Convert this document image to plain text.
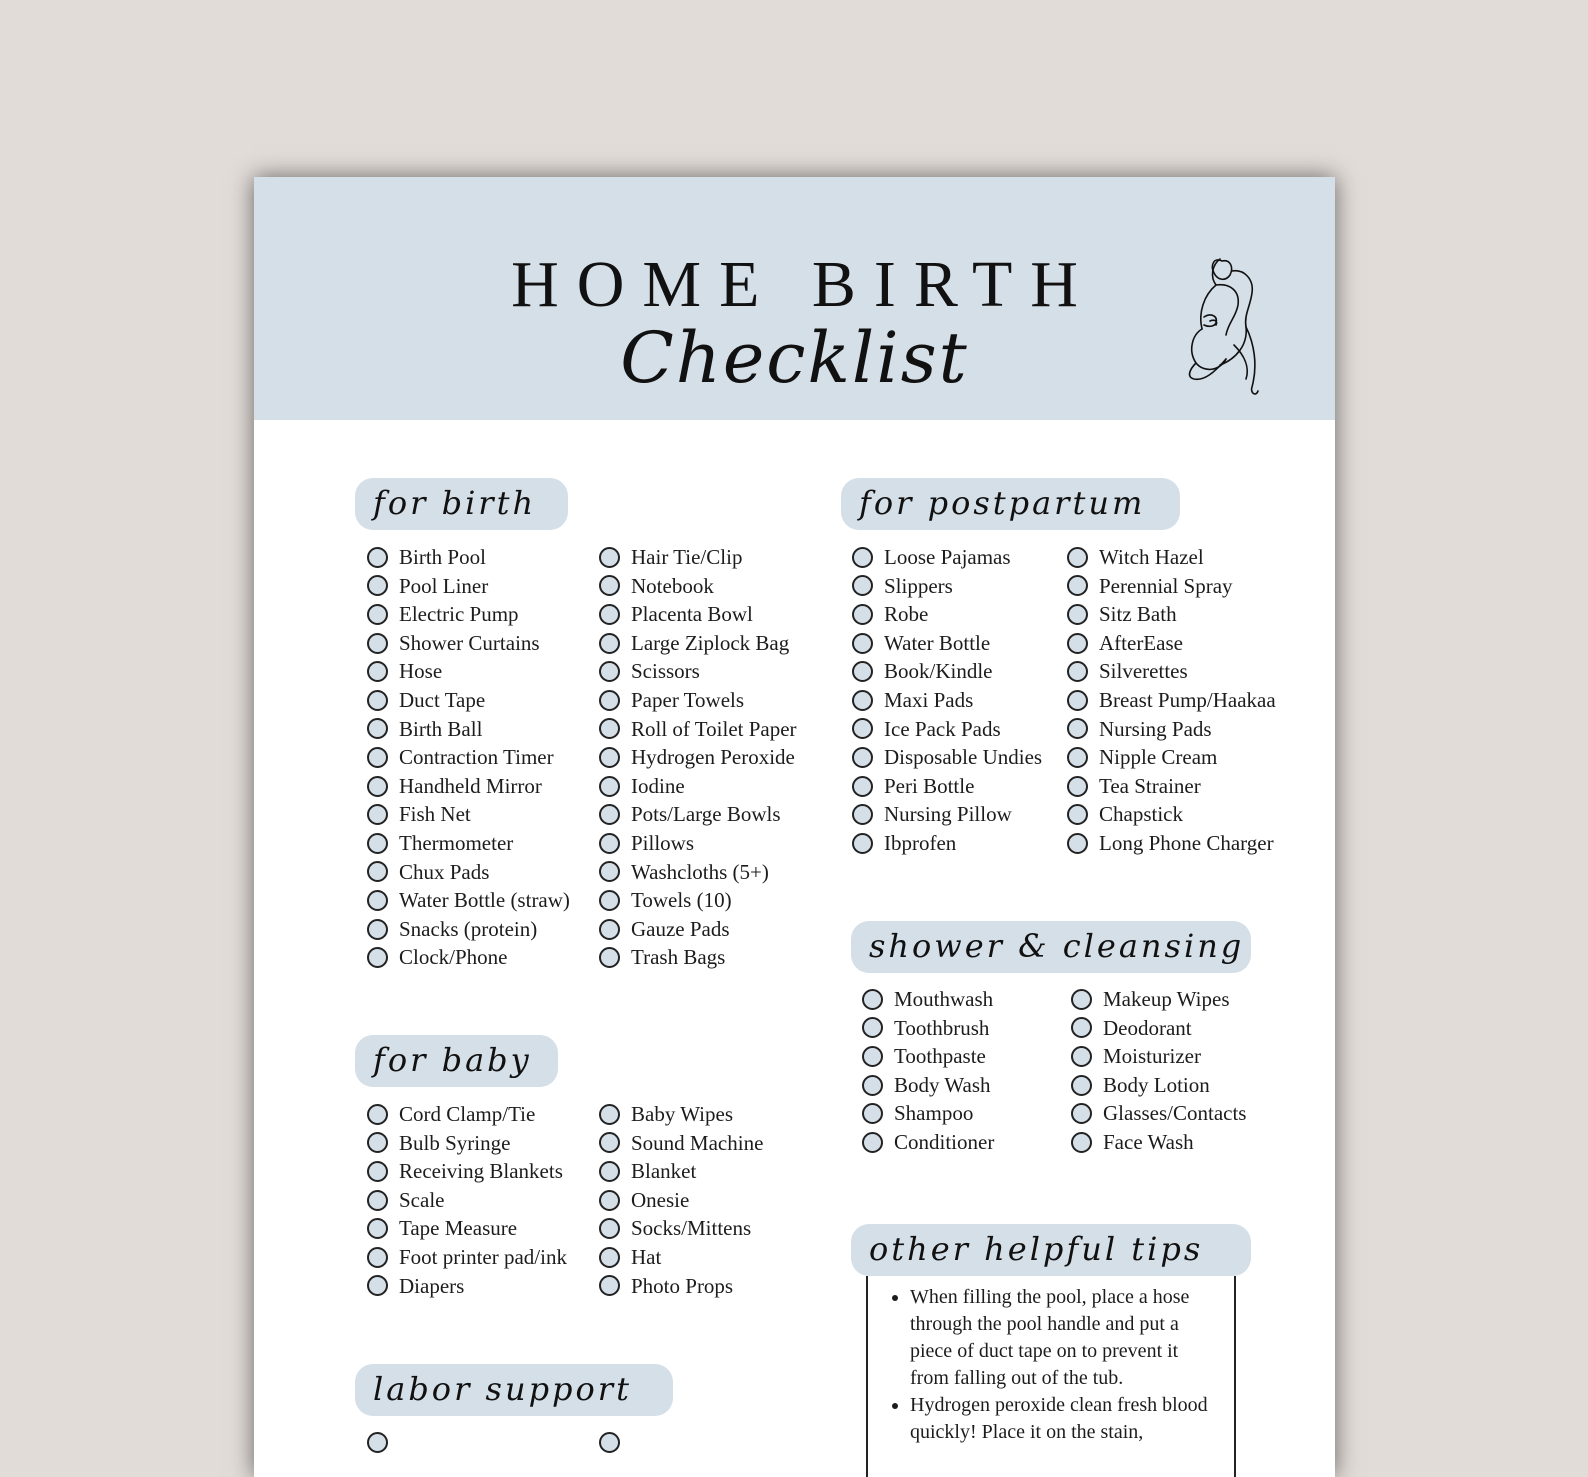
HOME BIRTH
Checklist
for birth
Birth Pool
Pool Liner
Electric Pump
Shower Curtains
Hose
Duct Tape
Birth Ball
Contraction Timer
Handheld Mirror
Fish Net
Thermometer
Chux Pads
Water Bottle (straw)
Snacks (protein)
Clock/Phone
Hair Tie/Clip
Notebook
Placenta Bowl
Large Ziplock Bag
Scissors
Paper Towels
Roll of Toilet Paper
Hydrogen Peroxide
Iodine
Pots/Large Bowls
Pillows
Washcloths (5+)
Towels (10)
Gauze Pads
Trash Bags
for baby
Cord Clamp/Tie
Bulb Syringe
Receiving Blankets
Scale
Tape Measure
Foot printer pad/ink
Diapers
Baby Wipes
Sound Machine
Blanket
Onesie
Socks/Mittens
Hat
Photo Props
labor support
for postpartum
Loose Pajamas
Slippers
Robe
Water Bottle
Book/Kindle
Maxi Pads
Ice Pack Pads
Disposable Undies
Peri Bottle
Nursing Pillow
Ibprofen
Witch Hazel
Perennial Spray
Sitz Bath
AfterEase
Silverettes
Breast Pump/Haakaa
Nursing Pads
Nipple Cream
Tea Strainer
Chapstick
Long Phone Charger
shower & cleansing
Mouthwash
Toothbrush
Toothpaste
Body Wash
Shampoo
Conditioner
Makeup Wipes
Deodorant
Moisturizer
Body Lotion
Glasses/Contacts
Face Wash
other helpful tips
• When filling the pool, place a hose through the pool handle and put a piece of duct tape on to prevent it from falling out of the tub.
• Hydrogen peroxide clean fresh blood quickly! Place it on the stain,
